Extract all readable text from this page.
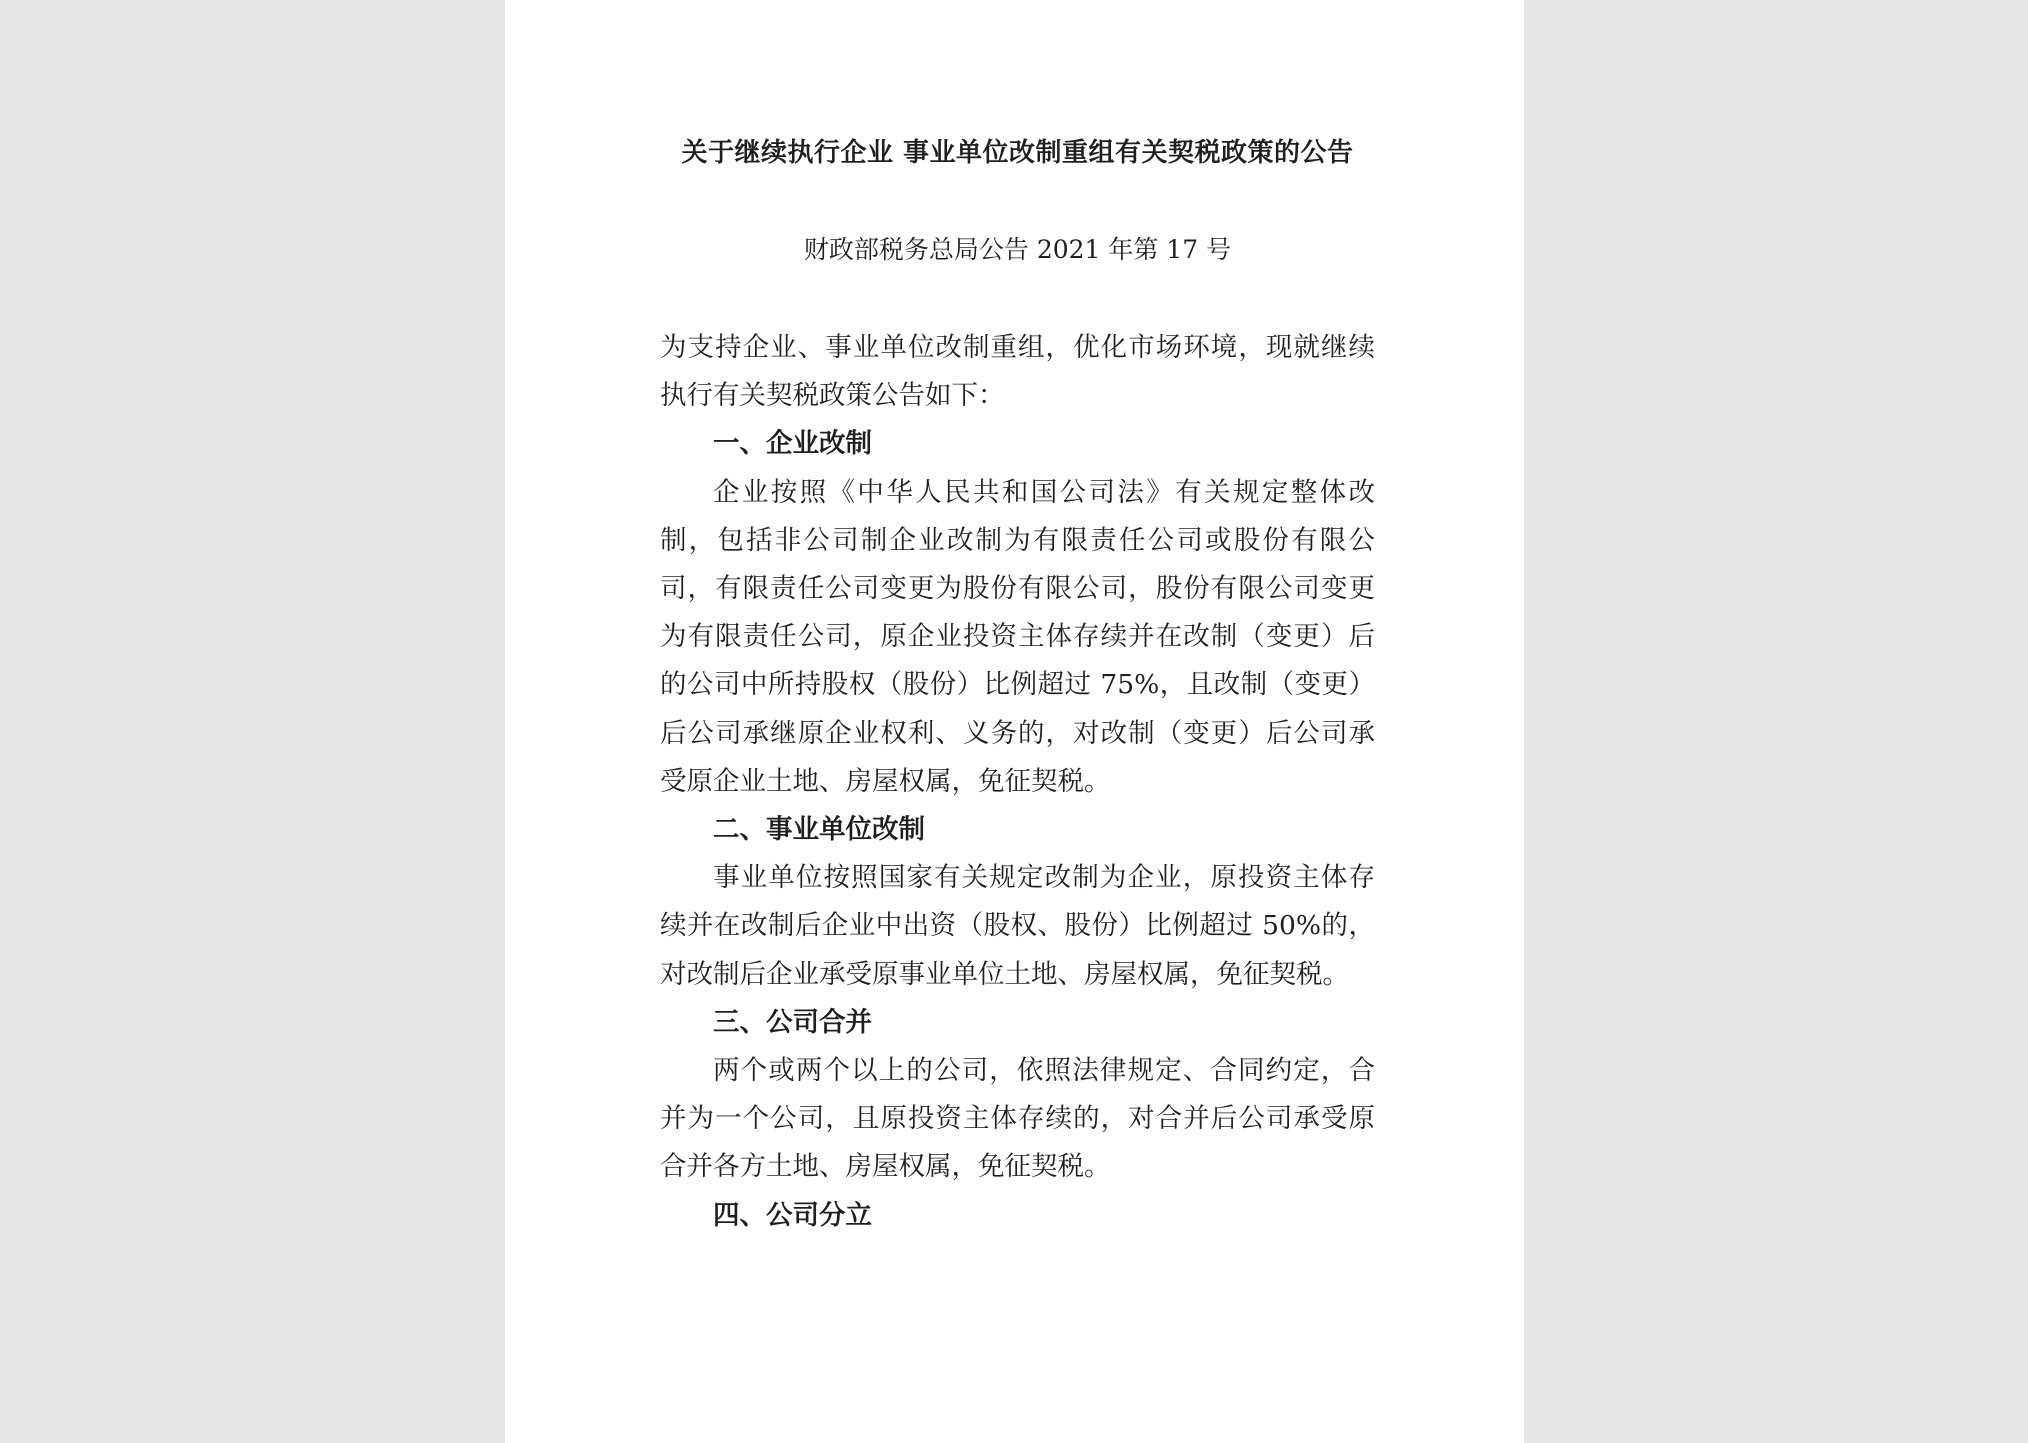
关于继续执行企业 事业单位改制重组有关契税政策的公告
财政部税务总局公告 2021 年第 17 号

为支持企业、事业单位改制重组，优化市场环境，现就继续执行有关契税政策公告如下：

一、企业改制

企业按照《中华人民共和国公司法》有关规定整体改制，包括非公司制企业改制为有限责任公司或股份有限公司，有限责任公司变更为股份有限公司，股份有限公司变更为有限责任公司，原企业投资主体存续并在改制（变更）后的公司中所持股权（股份）比例超过 75%，且改制（变更）后公司承继原企业权利、义务的，对改制（变更）后公司承受原企业土地、房屋权属，免征契税。

二、事业单位改制

事业单位按照国家有关规定改制为企业，原投资主体存续并在改制后企业中出资（股权、股份）比例超过 50%的，对改制后企业承受原事业单位土地、房屋权属，免征契税。

三、公司合并

两个或两个以上的公司，依照法律规定、合同约定，合并为一个公司，且原投资主体存续的，对合并后公司承受原合并各方土地、房屋权属，免征契税。

四、公司分立
